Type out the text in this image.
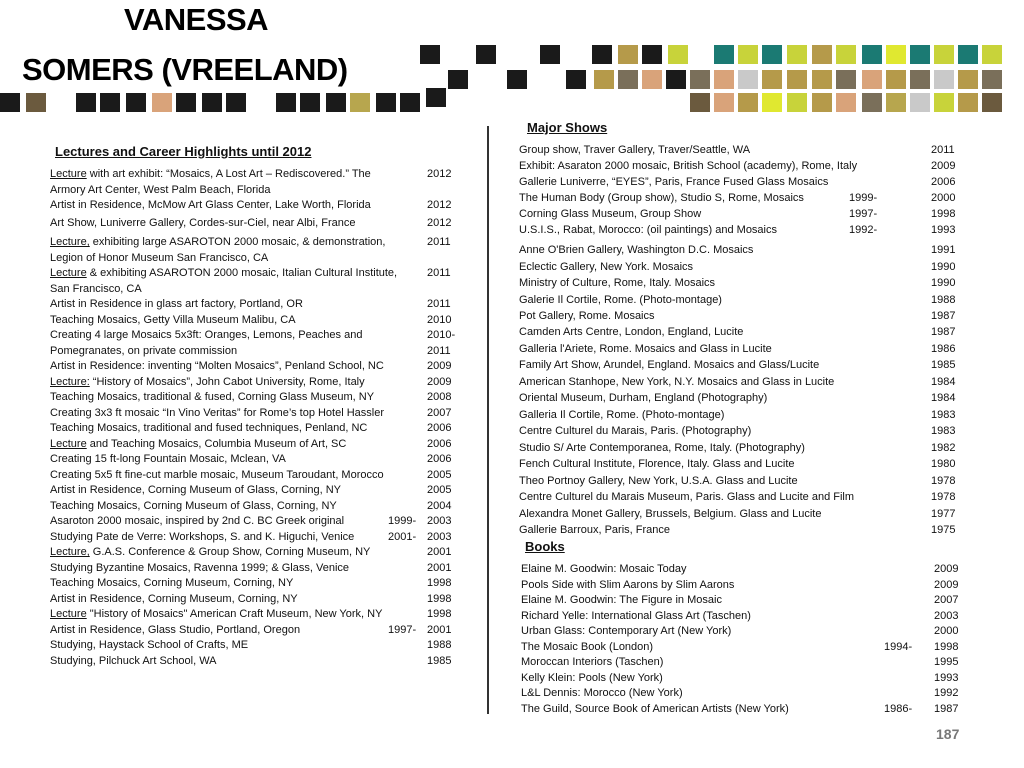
VANESSA
SOMERS (VREELAND)
Lectures and Career Highlights until 2012
Major Shows
Books
Lecture with art exhibit: “Mosaics, A Lost Art – Rediscovered.” The	2012
Armory Art Center, West Palm Beach, Florida
Artist in Residence, McMow Art Glass Center, Lake Worth, Florida	2012
Art Show, Luniverre Gallery, Cordes-sur-Ciel, near Albi, France	2012
Lecture, exhibiting large ASAROTON 2000 mosaic, & demonstration,	2011
Legion of Honor Museum San Francisco, CA
Lecture & exhibiting ASAROTON 2000 mosaic, Italian Cultural Institute,	2011
San Francisco, CA
Artist in Residence in glass art factory, Portland, OR	2011
Teaching Mosaics, Getty Villa Museum Malibu, CA	2010
Creating 4 large Mosaics 5x3ft: Oranges, Lemons, Peaches and	2010-
Pomegranates, on private commission	2011
Artist in Residence: inventing “Molten Mosaics”, Penland School, NC	2009
Lecture: “History of Mosaics”, John Cabot University, Rome, Italy	2009
Teaching Mosaics, traditional & fused, Corning Glass Museum, NY	2008
Creating 3x3 ft mosaic “In Vino Veritas” for Rome’s top Hotel Hassler	2007
Teaching Mosaics, traditional and fused techniques, Penland, NC	2006
Lecture and Teaching Mosaics, Columbia Museum of Art, SC	2006
Creating 15 ft-long Fountain Mosaic, Mclean, VA	2006
Creating 5x5 ft fine-cut marble mosaic, Museum Taroudant, Morocco	2005
Artist in Residence, Corning Museum of Glass, Corning, NY	2005
Teaching Mosaics, Corning Museum of Glass, Corning, NY	2004
Asaroton 2000 mosaic, inspired by 2nd C. BC Greek original	1999- 2003
Studying Pate de Verre: Workshops, S. and K. Higuchi, Venice	2001- 2003
Lecture, G.A.S. Conference & Group Show, Corning Museum, NY	2001
Studying Byzantine Mosaics, Ravenna 1999; & Glass, Venice	2001
Teaching Mosaics, Corning Museum, Corning, NY	1998
Artist in Residence, Corning Museum, Corning, NY	1998
Lecture "History of Mosaics" American Craft Museum, New York, NY	1998
Artist in Residence, Glass Studio, Portland, Oregon	1997- 2001
Studying, Haystack School of Crafts, ME	1988
Studying, Pilchuck Art School, WA	1985
Group show, Traver Gallery, Traver/Seattle, WA	2011
Exhibit: Asaraton 2000 mosaic, British School (academy), Rome, Italy	2009
Gallerie Luniverre, “EYES”, Paris, France Fused Glass Mosaics	2006
The Human Body (Group show), Studio S, Rome, Mosaics	1999-	2000
Corning Glass Museum, Group Show	1997-	1998
U.S.I.S., Rabat, Morocco: (oil paintings) and Mosaics	1992-	1993
Anne O'Brien Gallery, Washington D.C. Mosaics	1991
Eclectic Gallery, New York. Mosaics	1990
Ministry of Culture, Rome, Italy. Mosaics	1990
Galerie Il Cortile, Rome. (Photo-montage)	1988
Pot Gallery, Rome. Mosaics	1987
Camden Arts Centre, London, England, Lucite	1987
Galleria l'Ariete, Rome. Mosaics and Glass in Lucite	1986
Family Art Show, Arundel, England. Mosaics and Glass/Lucite	1985
American Stanhope, New York, N.Y. Mosaics and Glass in Lucite	1984
Oriental Museum, Durham, England (Photography)	1984
Galleria Il Cortile, Rome. (Photo-montage)	1983
Centre Culturel du Marais, Paris. (Photography)	1983
Studio S/ Arte Contemporanea, Rome, Italy. (Photography)	1982
Fench Cultural Institute, Florence, Italy. Glass and Lucite	1980
Theo Portnoy Gallery, New York, U.S.A. Glass and Lucite	1978
Centre Culturel du Marais Museum, Paris. Glass and Lucite and Film	1978
Alexandra Monet Gallery, Brussels, Belgium. Glass and Lucite	1977
Gallerie Barroux, Paris, France	1975
Elaine M. Goodwin: Mosaic Today	2009
Pools Side with Slim Aarons by Slim Aarons	2009
Elaine M. Goodwin: The Figure in Mosaic	2007
Richard Yelle: International Glass Art (Taschen)	2003
Urban Glass: Contemporary Art (New York)	2000
The Mosaic Book (London)	1994- 1998
Moroccan Interiors (Taschen)	1995
Kelly Klein: Pools (New York)	1993
L&L Dennis: Morocco (New York)	1992
The Guild, Source Book of American Artists (New York)	1986- 1987
187
